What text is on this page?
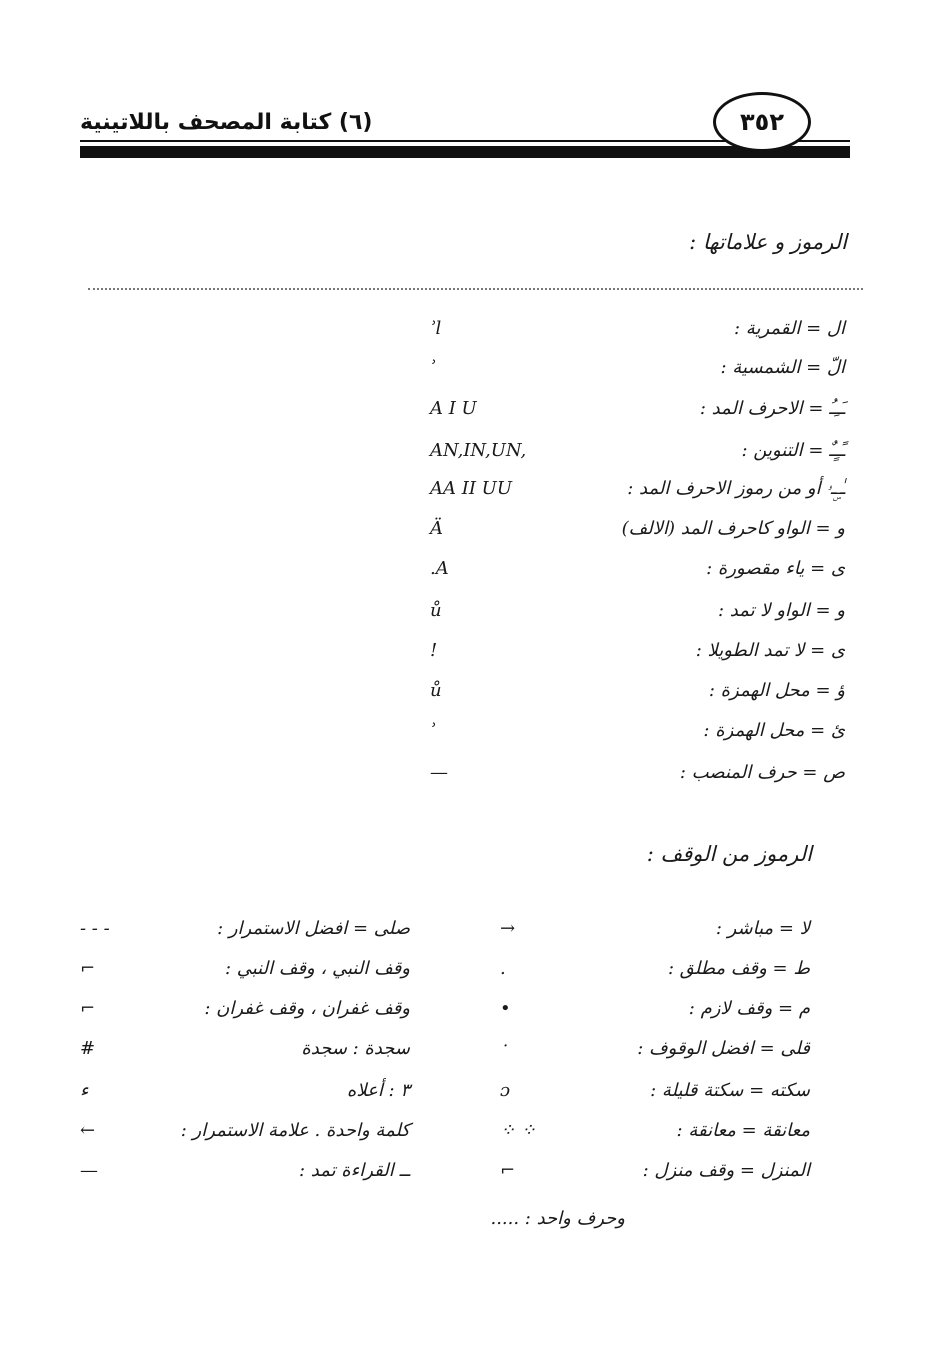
٣٥٢
(٦) كتابة المصحف باللاتينية
الرموز و علاماتها :
ال = القمرية :
ʾl
الّ = الشمسية :
ʾ
ـَـِـُ = الاحرف المد :
A I U
ـًـٍـٌ = التنوين :
AN,IN,UN,
ـٰـۣـۥ أو من رموز الاحرف المد :
AA II UU
و = الواو كاحرف المد (الالف)
Ä
ى = ياء مقصورة :
.A
و = الواو لا تمد :
ů
ى = لا تمد الطويلا :
!
ؤ = محل الهمزة :
ů
ئ = محل الهمزة :
ʾ
ص = حرف المنصب :
—
الرموز من الوقف :
لا = مباشر :
→
ط = وقف مطلق :
.
م = وقف لازم :
•
قلى = افضل الوقوف :
ॱ
سكته = سكتة قليلة :
ɔ
معانقة = معانقة :
⁘ ⁘
المنزل = وقف منزل :
⌐
صلى = افضل الاستمرار :
- - -
وقف النبي ، وقف النبي :
⌐
وقف غفران ، وقف غفران :
⌐
سجدة : سجدة
#
٣ : أعلاه
ء
كلمة واحدة . علامة الاستمرار :
←
ــ القراءة تمد :
—
وحرف واحد : .....
